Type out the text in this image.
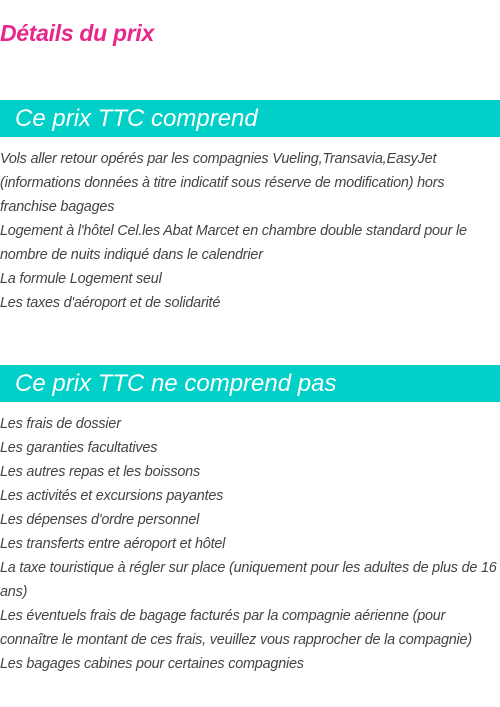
Détails du prix
Ce prix TTC comprend
Vols aller retour opérés par les compagnies Vueling,Transavia,EasyJet (informations données à titre indicatif sous réserve de modification) hors franchise bagages
Logement à l'hôtel Cel.les Abat Marcet en chambre double standard pour le nombre de nuits indiqué dans le calendrier
La formule Logement seul
Les taxes d'aéroport et de solidarité
Ce prix TTC ne comprend pas
Les frais de dossier
Les garanties facultatives
Les autres repas et les boissons
Les activités et excursions payantes
Les dépenses d'ordre personnel
Les transferts entre aéroport et hôtel
La taxe touristique à régler sur place (uniquement pour les adultes de plus de 16 ans)
Les éventuels frais de bagage facturés par la compagnie aérienne (pour connaître le montant de ces frais, veuillez vous rapprocher de la compagnie)
Les bagages cabines pour certaines compagnies
